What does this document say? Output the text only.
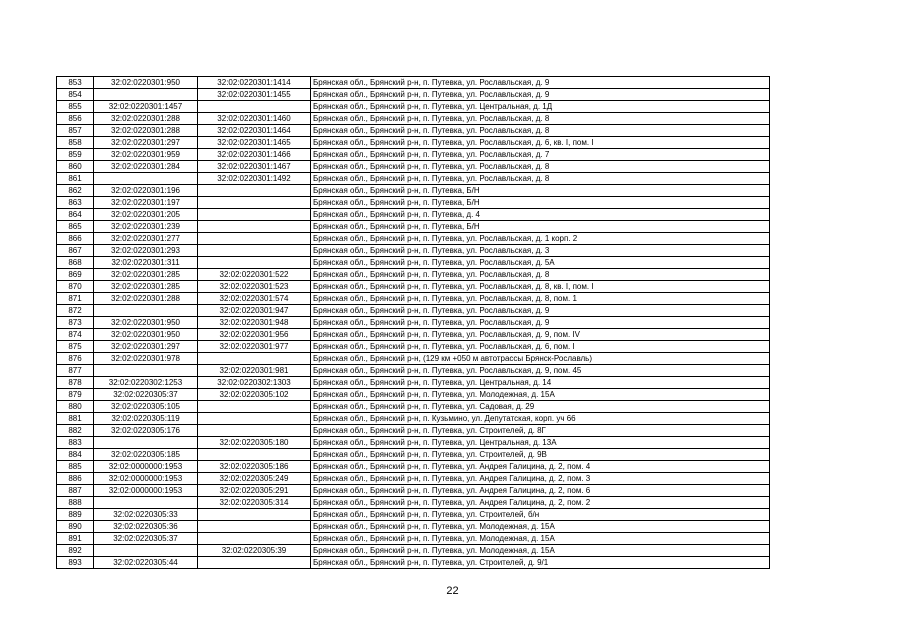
853	32:02:0220301:950	32:02:0220301:1414	Брянская обл., Брянский р-н, п. Путевка, ул. Рославльская, д. 9
854		32:02:0220301:1455	Брянская обл., Брянский р-н, п. Путевка, ул. Рославльская, д. 9
855	32:02:0220301:1457		Брянская обл., Брянский р-н, п. Путевка, ул. Центральная, д. 1Д
856	32:02:0220301:288	32:02:0220301:1460	Брянская обл., Брянский р-н, п. Путевка, ул. Рославльская, д. 8
857	32:02:0220301:288	32:02:0220301:1464	Брянская обл., Брянский р-н, п. Путевка, ул. Рославльская, д. 8
858	32:02:0220301:297	32:02:0220301:1465	Брянская обл., Брянский р-н, п. Путевка, ул. Рославльская, д. 6, кв. I, пом. I
859	32:02:0220301:959	32:02:0220301:1466	Брянская обл., Брянский р-н, п. Путевка, ул. Рославльская, д. 7
860	32:02:0220301:284	32:02:0220301:1467	Брянская обл., Брянский р-н, п. Путевка, ул. Рославльская, д. 8
861		32:02:0220301:1492	Брянская обл., Брянский р-н, п. Путевка, ул. Рославльская, д. 8
862	32:02:0220301:196		Брянская обл., Брянский р-н, п. Путевка, Б/Н
863	32:02:0220301:197		Брянская обл., Брянский р-н, п. Путевка, Б/Н
864	32:02:0220301:205		Брянская обл., Брянский р-н, п. Путевка, д. 4
865	32:02:0220301:239		Брянская обл., Брянский р-н, п. Путевка, Б/Н
866	32:02:0220301:277		Брянская обл., Брянский р-н, п. Путевка, ул. Рославльская, д. 1 корп. 2
867	32:02:0220301:293		Брянская обл., Брянский р-н, п. Путевка, ул. Рославльская, д. 3
868	32:02:0220301:311		Брянская обл., Брянский р-н, п. Путевка, ул. Рославльская, д. 5А
869	32:02:0220301:285	32:02:0220301:522	Брянская обл., Брянский р-н, п. Путевка, ул. Рославльская, д. 8
870	32:02:0220301:285	32:02:0220301:523	Брянская обл., Брянский р-н, п. Путевка, ул. Рославльская, д. 8, кв. I, пом. I
871	32:02:0220301:288	32:02:0220301:574	Брянская обл., Брянский р-н, п. Путевка, ул. Рославльская, д. 8, пом. 1
872		32:02:0220301:947	Брянская обл., Брянский р-н, п. Путевка, ул. Рославльская, д. 9
873	32:02:0220301:950	32:02:0220301:948	Брянская обл., Брянский р-н, п. Путевка, ул. Рославльская, д. 9
874	32:02:0220301:950	32:02:0220301:956	Брянская обл., Брянский р-н, п. Путевка, ул. Рославльская, д. 9, пом. IV
875	32:02:0220301:297	32:02:0220301:977	Брянская обл., Брянский р-н, п. Путевка, ул. Рославльская, д. 6, пом. I
876	32:02:0220301:978		Брянская обл., Брянский р-н, (129 км +050 м автотрассы Брянск-Рославль)
877		32:02:0220301:981	Брянская обл., Брянский р-н, п. Путевка, ул. Рославльская, д. 9, пом. 45
878	32:02:0220302:1253	32:02:0220302:1303	Брянская обл., Брянский р-н, п. Путевка, ул. Центральная, д. 14
879	32:02:0220305:37	32:02:0220305:102	Брянская обл., Брянский р-н, п. Путевка, ул. Молодежная, д. 15А
880	32:02:0220305:105		Брянская обл., Брянский р-н, п. Путевка, ул. Садовая, д. 29
881	32:02:0220305:119		Брянская обл., Брянский р-н, п. Кузьмино, ул. Депутатская, корп. уч 66
882	32:02:0220305:176		Брянская обл., Брянский р-н, п. Путевка, ул. Строителей, д. 8Г
883		32:02:0220305:180	Брянская обл., Брянский р-н, п. Путевка, ул. Центральная, д. 13А
884	32:02:0220305:185		Брянская обл., Брянский р-н, п. Путевка, ул. Строителей, д. 9В
885	32:02:0000000:1953	32:02:0220305:186	Брянская обл., Брянский р-н, п. Путевка, ул. Андрея Галицина, д. 2, пом. 4
886	32:02:0000000:1953	32:02:0220305:249	Брянская обл., Брянский р-н, п. Путевка, ул. Андрея Галицина, д. 2, пом. 3
887	32:02:0000000:1953	32:02:0220305:291	Брянская обл., Брянский р-н, п. Путевка, ул. Андрея Галицина, д. 2, пом. 6
888		32:02:0220305:314	Брянская обл., Брянский р-н, п. Путевка, ул. Андрея Галицина, д. 2, пом. 2
889	32:02:0220305:33		Брянская обл., Брянский р-н, п. Путевка, ул. Строителей, б/н
890	32:02:0220305:36		Брянская обл., Брянский р-н, п. Путевка, ул. Молодежная, д. 15А
891	32:02:0220305:37		Брянская обл., Брянский р-н, п. Путевка, ул. Молодежная, д. 15А
892		32:02:0220305:39	Брянская обл., Брянский р-н, п. Путевка, ул. Молодежная, д. 15А
893	32:02:0220305:44		Брянская обл., Брянский р-н, п. Путевка, ул. Строителей, д. 9/1
22
